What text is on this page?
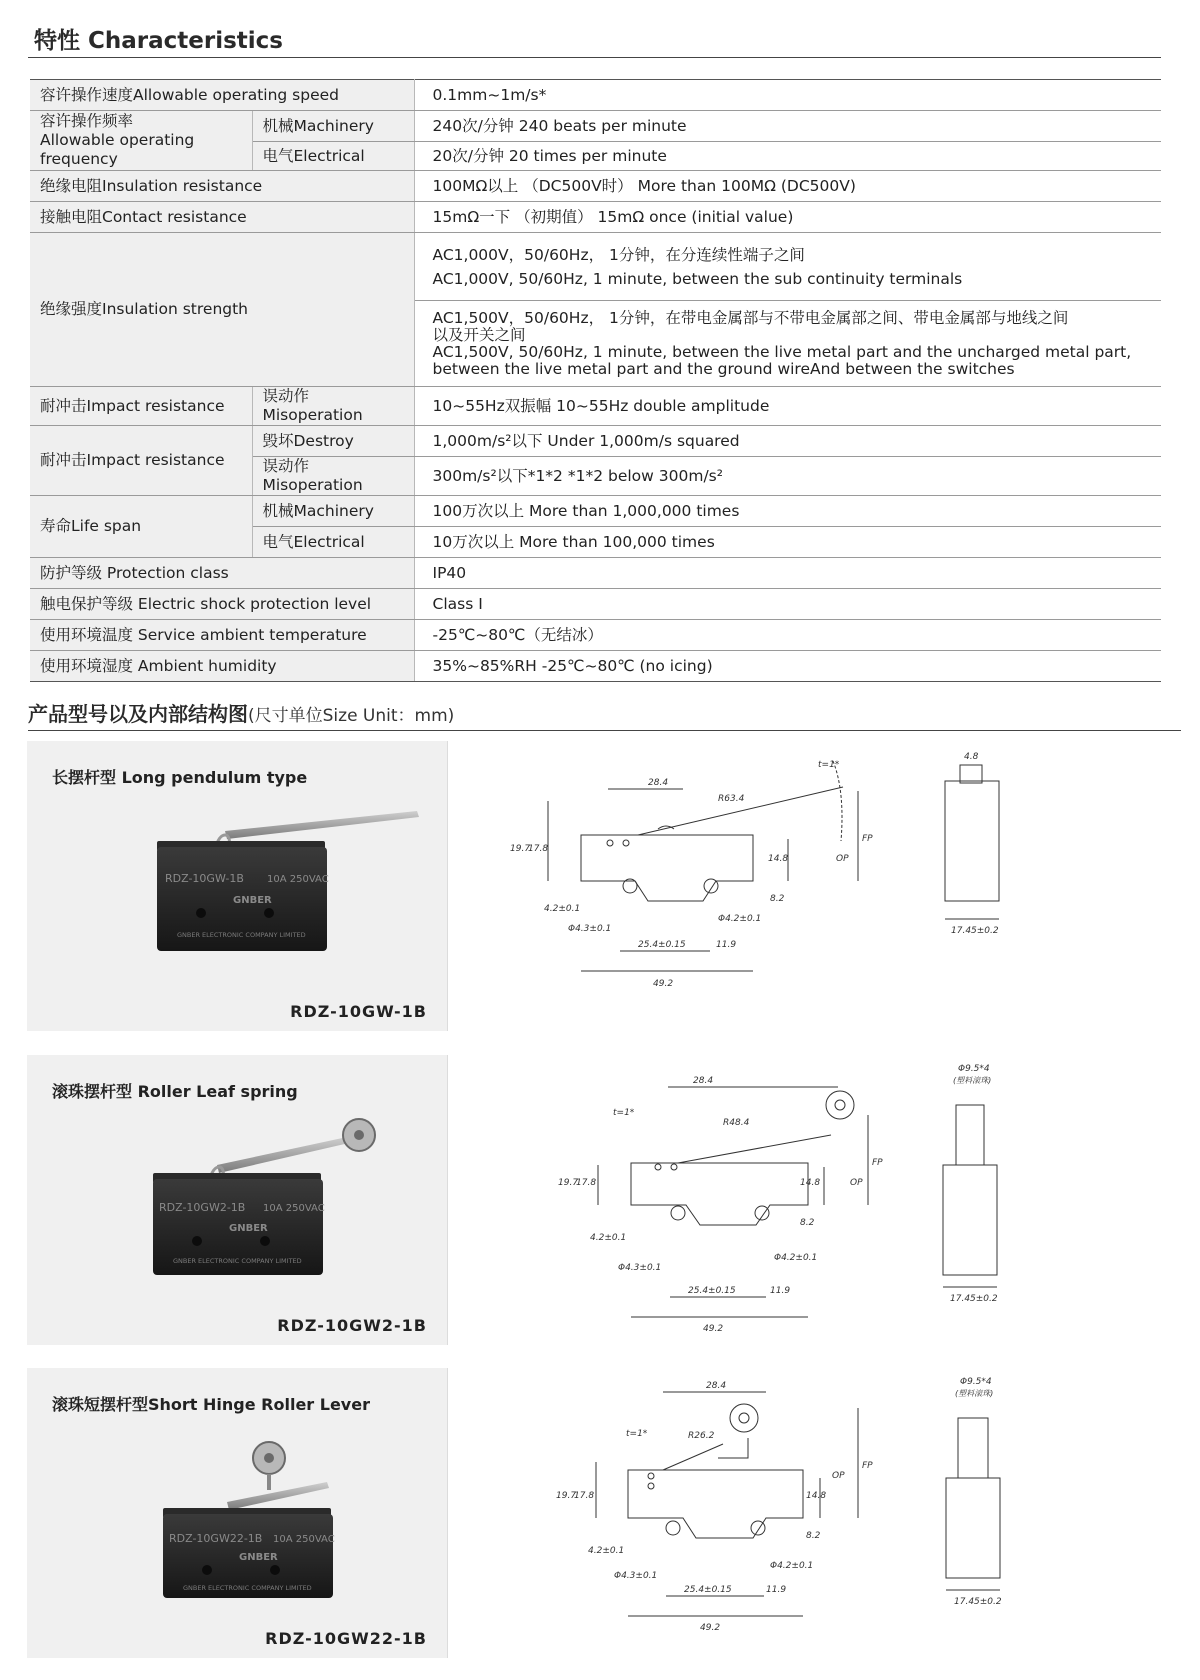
特性 Characteristics
容许操作速度Allowable operating speed		0.1mm~1m/s*

容许操作频率
Allowable operating frequency	机械Machinery	240次/分钟 240 beats per minute
	电气Electrical	20次/分钟 20 times per minute
绝缘电阻Insulation resistance		100MΩ以上 （DC500V时） More than 100MΩ (DC500V)
接触电阻Contact resistance		15mΩ一下 （初期值） 15mΩ once (initial value)
绝缘强度Insulation strength		AC1,000V，50/60Hz， 1分钟，在分连续性端子之间
AC1,000V, 50/60Hz, 1 minute, between the sub continuity terminals

		AC1,500V，50/60Hz， 1分钟，在带电金属部与不带电金属部之间、带电金属部与地线之间
以及开关之间
AC1,500V, 50/60Hz, 1 minute, between the live metal part and the uncharged metal part,
between the live metal part and the ground wireAnd between the switches

耐冲击Impact resistance	误动作Misoperation	10~55Hz双振幅 10~55Hz double amplitude
耐冲击Impact resistance	毁坏Destroy	1,000m/s²以下 Under 1,000m/s squared
	误动作Misoperation	300m/s²以下*1*2 *1*2 below 300m/s²
寿命Life span	机械Machinery	100万次以上 More than 1,000,000 times
	电气Electrical	10万次以上 More than 100,000 times
防护等级 Protection class		IP40
触电保护等级 Electric shock protection level		Class Ⅰ
使用环境温度 Service ambient temperature		-25℃~80℃（无结冰）
使用环境湿度 Ambient humidity		35%~85%RH -25℃~80℃ (no icing)
产品型号以及内部结构图(尺寸单位Size Unit：mm)
长摆杆型 Long pendulum type
RDZ-10GW-1B 10A 250VAC
GNBER
GNBER ELECTRONIC COMPANY LIMITED
RDZ-10GW-1B
t=1*
R63.4
28.4
19.7
17.8
14.8
8.2
4.2±0.1
Φ4.3±0.1
Φ4.2±0.1
25.4±0.15	11.9
49.2
OP
FP
4.8
17.45±0.2
滚珠摆杆型 Roller Leaf spring
RDZ-10GW2-1B 10A 250VAC
GNBER
GNBER ELECTRONIC COMPANY LIMITED
RDZ-10GW2-1B
t=1*
R48.4
28.4
19.7
17.8	14.8
8.2
4.2±0.1
Φ4.3±0.1
Φ4.2±0.1
25.4±0.15	11.9
49.2
OP
FP
Φ9.5*4
(塑料滚珠)
17.45±0.2
滚珠短摆杆型Short Hinge Roller Lever
RDZ-10GW22-1B 10A 250VAC
GNBER
GNBER ELECTRONIC COMPANY LIMITED
RDZ-10GW22-1B
t=1*	R26.2
28.4
19.7
17.8	14.8
8.2
4.2±0.1
Φ4.3±0.1
Φ4.2±0.1
25.4±0.15	11.9
49.2
OP
FP
Φ9.5*4
(塑料滚珠)
17.45±0.2
